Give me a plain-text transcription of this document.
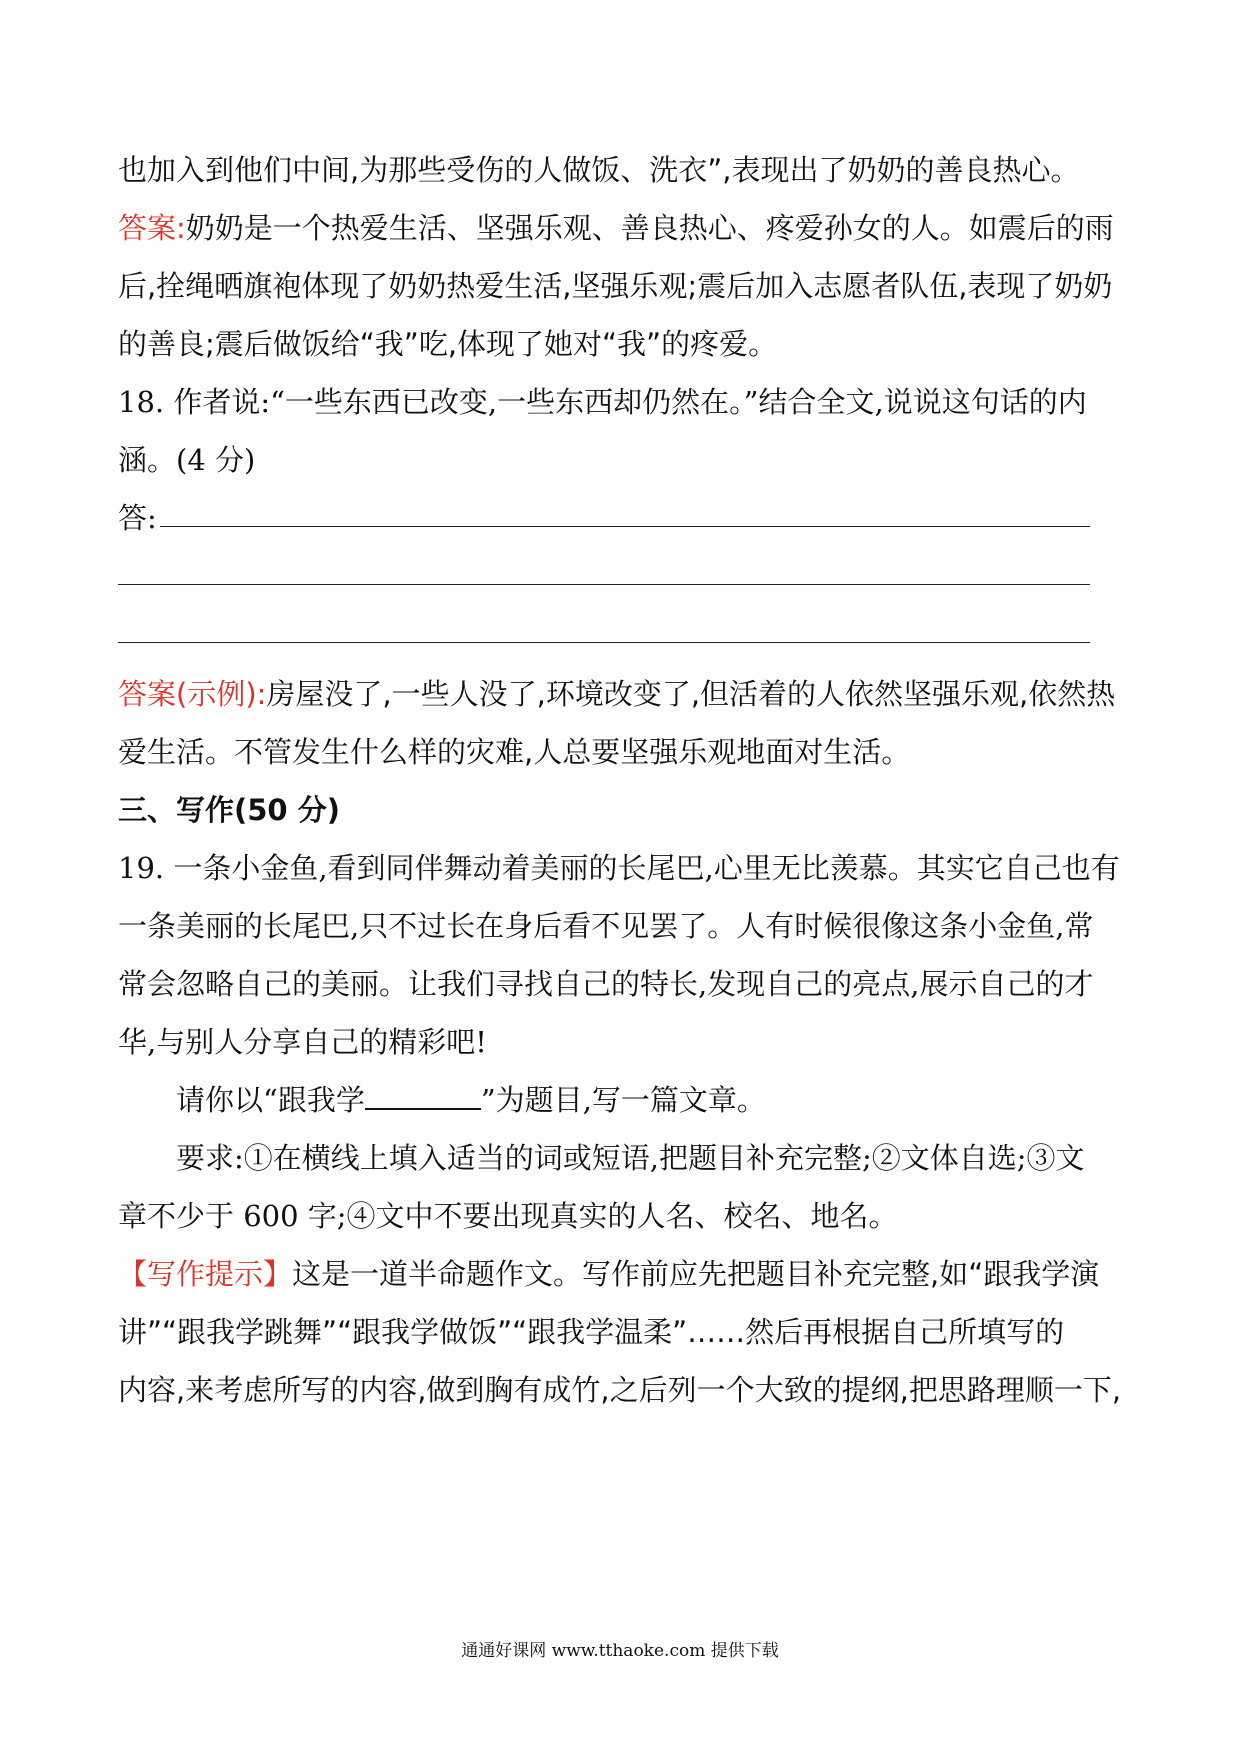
也加入到他们中间,为那些受伤的人做饭、洗衣”,表现出了奶奶的善良热心。
答案:奶奶是一个热爱生活、坚强乐观、善良热心、疼爱孙女的人。如震后的雨
后,拴绳晒旗袍体现了奶奶热爱生活,坚强乐观;震后加入志愿者队伍,表现了奶奶
的善良;震后做饭给“我”吃,体现了她对“我”的疼爱。
18. 作者说:“一些东西已改变,一些东西却仍然在。”结合全文,说说这句话的内
涵。(4 分)
答:
答案(示例):房屋没了,一些人没了,环境改变了,但活着的人依然坚强乐观,依然热
爱生活。不管发生什么样的灾难,人总要坚强乐观地面对生活。
三、写作(50 分)
19. 一条小金鱼,看到同伴舞动着美丽的长尾巴,心里无比羡慕。其实它自己也有
一条美丽的长尾巴,只不过长在身后看不见罢了。人有时候很像这条小金鱼,常
常会忽略自己的美丽。让我们寻找自己的特长,发现自己的亮点,展示自己的才
华,与别人分享自己的精彩吧!
请你以“跟我学	”为题目,写一篇文章。
要求:①在横线上填入适当的词或短语,把题目补充完整;②文体自选;③文
章不少于 600 字;④文中不要出现真实的人名、校名、地名。
【写作提示】这是一道半命题作文。写作前应先把题目补充完整,如“跟我学演
讲”“跟我学跳舞”“跟我学做饭”“跟我学温柔”……然后再根据自己所填写的
内容,来考虑所写的内容,做到胸有成竹,之后列一个大致的提纲,把思路理顺一下,
通通好课网 www.tthaoke.com 提供下载
